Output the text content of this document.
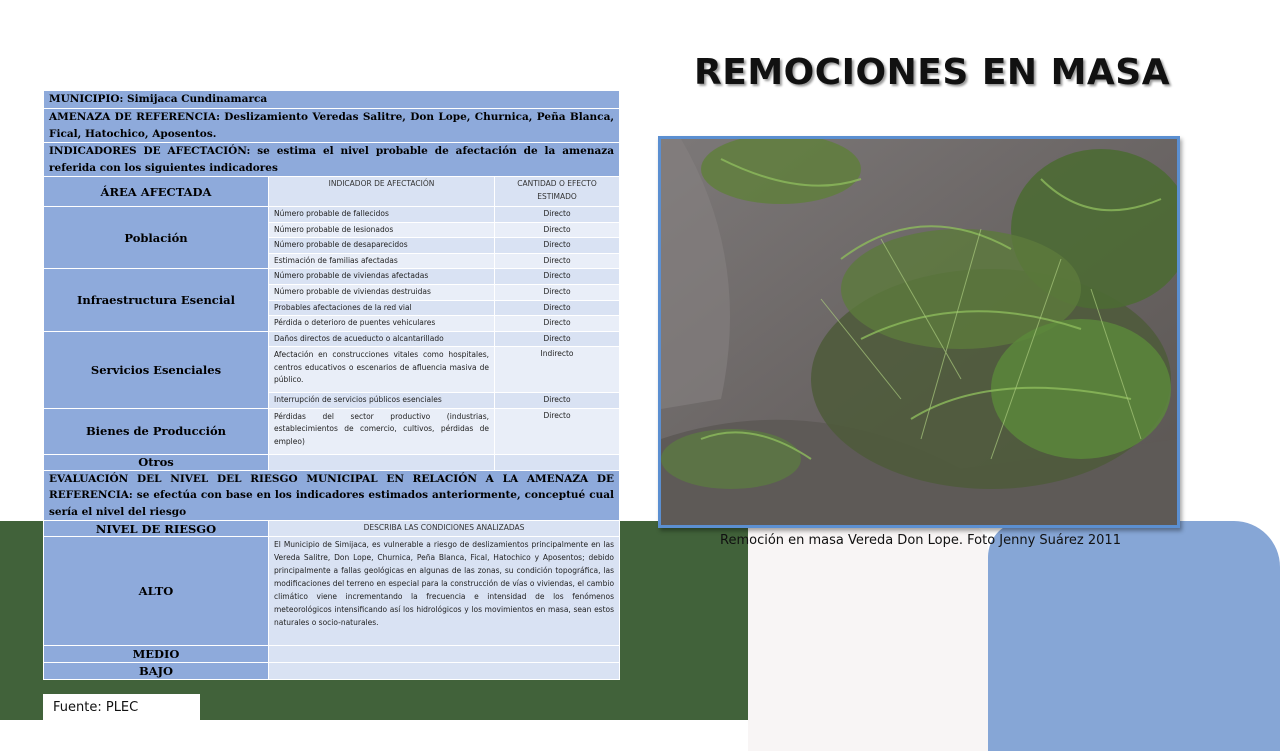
REMOCIONES EN MASA
Remoción en masa Vereda Don Lope. Foto Jenny Suárez 2011
MUNICIPIO: Simijaca Cundinamarca		
AMENAZA DE REFERENCIA: Deslizamiento Veredas Salitre, Don Lope, Churnica, Peña Blanca, Fical, Hatochico, Aposentos.		
INDICADORES DE AFECTACIÓN: se estima el nivel probable de afectación de la amenaza referida con los siguientes indicadores		
ÁREA AFECTADA	INDICADOR DE AFECTACIÓN	CANTIDAD O EFECTO ESTIMADO
Población	Número probable de fallecidos	Directo
	Número probable de lesionados	Directo
	Número probable de desaparecidos	Directo
	Estimación de familias afectadas	Directo
Infraestructura Esencial	Número probable de viviendas afectadas	Directo
	Número probable de viviendas destruidas	Directo
	Probables afectaciones de la red vial	Directo
	Pérdida o deterioro de puentes vehiculares	Directo
Servicios Esenciales	Daños directos de acueducto o alcantarillado	Directo
	Afectación en construcciones vitales como hospitales, centros educativos o escenarios de afluencia masiva de público.	Indirecto
	Interrupción de servicios públicos esenciales	Directo
Bienes de Producción	Pérdidas del sector productivo (industrias, establecimientos de comercio, cultivos, pérdidas de empleo)	Directo
Otros		
EVALUACIÓN DEL NIVEL DEL RIESGO MUNICIPAL EN RELACIÓN A LA AMENAZA DE REFERENCIA: se efectúa con base en los indicadores estimados anteriormente, conceptué cual sería el nivel del riesgo		
NIVEL DE RIESGO	DESCRIBA LAS CONDICIONES ANALIZADAS	
ALTO	El Municipio de Simijaca, es vulnerable a riesgo de deslizamientos principalmente en las Vereda Salitre, Don Lope, Churnica, Peña Blanca, Fical, Hatochico y Aposentos; debido principalmente a fallas geológicas en algunas de las zonas, su condición topográfica, las modificaciones del terreno en especial para la construcción de vías o viviendas, el cambio climático viene incrementando la frecuencia e intensidad de los fenómenos meteorológicos intensificando así los hidrológicos y los movimientos en masa, sean estos naturales o socio-naturales.	
MEDIO		
BAJO		
Fuente: PLEC
